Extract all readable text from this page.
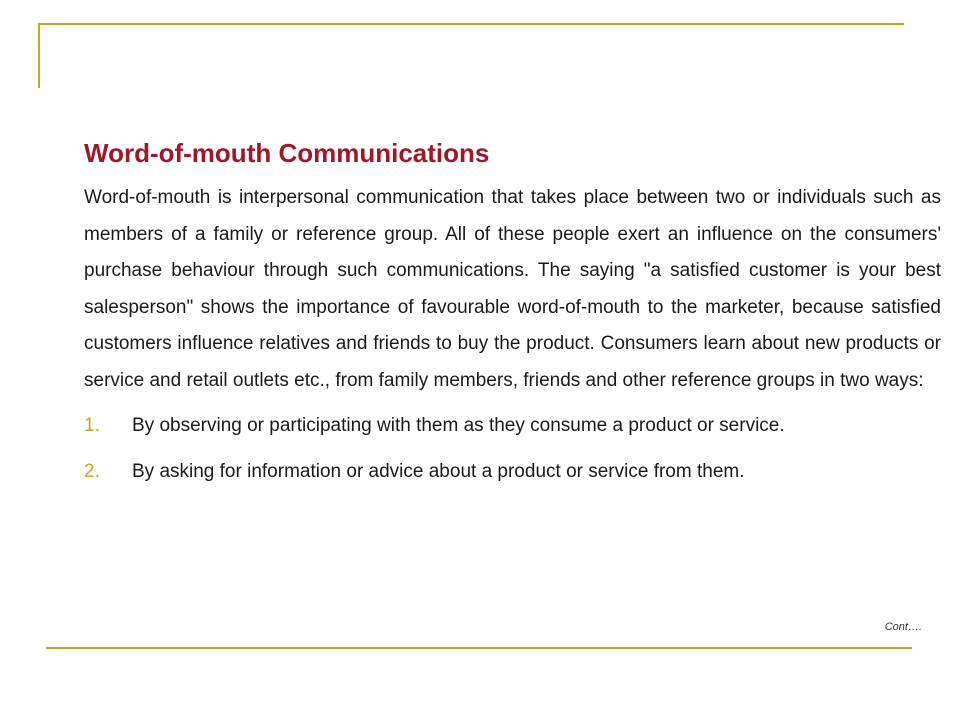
Word-of-mouth Communications

Word-of-mouth is interpersonal communication that takes place between two or individuals such as members of a family or reference group. All of these people exert an influence on the consumers' purchase behaviour through such communications. The saying "a satisfied customer is your best salesperson" shows the importance of favourable word-of-mouth to the marketer, because satisfied customers influence relatives and friends to buy the product. Consumers learn about new products or service and retail outlets etc., from family members, friends and other reference groups in two ways:

1. By observing or participating with them as they consume a product or service.
2. By asking for information or advice about a product or service from them.
Cont….
